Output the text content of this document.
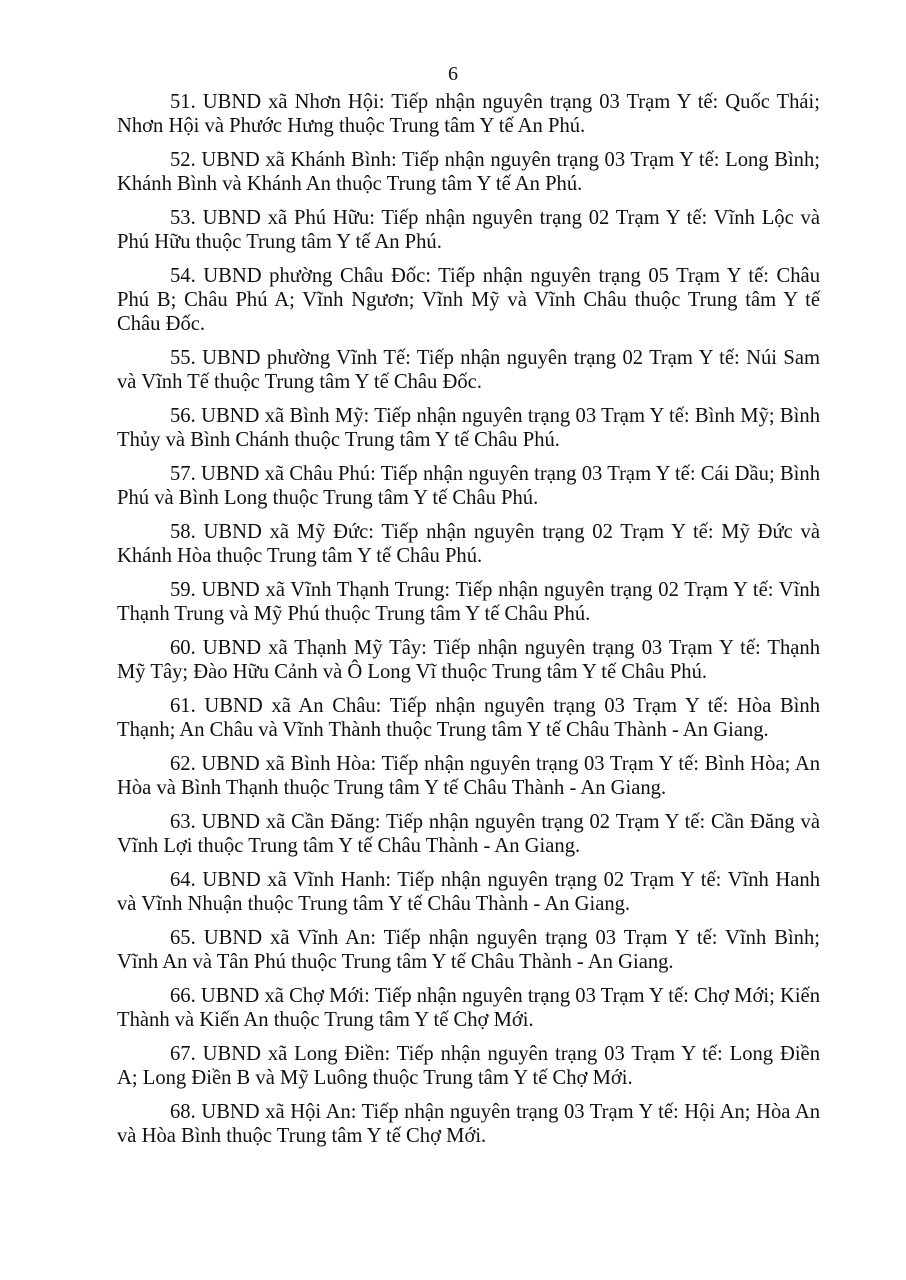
6

51. UBND xã Nhơn Hội: Tiếp nhận nguyên trạng 03 Trạm Y tế: Quốc Thái; Nhơn Hội và Phước Hưng thuộc Trung tâm Y tế An Phú.

52. UBND xã Khánh Bình: Tiếp nhận nguyên trạng 03 Trạm Y tế: Long Bình; Khánh Bình và Khánh An thuộc Trung tâm Y tế An Phú.

53. UBND xã Phú Hữu: Tiếp nhận nguyên trạng 02 Trạm Y tế: Vĩnh Lộc và Phú Hữu thuộc Trung tâm Y tế An Phú.

54. UBND phường Châu Đốc: Tiếp nhận nguyên trạng 05 Trạm Y tế: Châu Phú B; Châu Phú A; Vĩnh Ngươn; Vĩnh Mỹ và Vĩnh Châu thuộc Trung tâm Y tế Châu Đốc.

55. UBND phường Vĩnh Tế: Tiếp nhận nguyên trạng 02 Trạm Y tế: Núi Sam và Vĩnh Tế thuộc Trung tâm Y tế Châu Đốc.

56. UBND xã Bình Mỹ: Tiếp nhận nguyên trạng 03 Trạm Y tế: Bình Mỹ; Bình Thủy và Bình Chánh thuộc Trung tâm Y tế Châu Phú.

57. UBND xã Châu Phú: Tiếp nhận nguyên trạng 03 Trạm Y tế: Cái Dầu; Bình Phú và Bình Long thuộc Trung tâm Y tế Châu Phú.

58. UBND xã Mỹ Đức: Tiếp nhận nguyên trạng 02 Trạm Y tế: Mỹ Đức và Khánh Hòa thuộc Trung tâm Y tế Châu Phú.

59. UBND xã Vĩnh Thạnh Trung: Tiếp nhận nguyên trạng 02 Trạm Y tế: Vĩnh Thạnh Trung và Mỹ Phú thuộc Trung tâm Y tế Châu Phú.

60. UBND xã Thạnh Mỹ Tây: Tiếp nhận nguyên trạng 03 Trạm Y tế: Thạnh Mỹ Tây; Đào Hữu Cảnh và Ô Long Vĩ thuộc Trung tâm Y tế Châu Phú.

61. UBND xã An Châu: Tiếp nhận nguyên trạng 03 Trạm Y tế: Hòa Bình Thạnh; An Châu và Vĩnh Thành thuộc Trung tâm Y tế Châu Thành - An Giang.

62. UBND xã Bình Hòa: Tiếp nhận nguyên trạng 03 Trạm Y tế: Bình Hòa; An Hòa và Bình Thạnh thuộc Trung tâm Y tế Châu Thành - An Giang.

63. UBND xã Cần Đăng: Tiếp nhận nguyên trạng 02 Trạm Y tế: Cần Đăng và Vĩnh Lợi thuộc Trung tâm Y tế Châu Thành - An Giang.

64. UBND xã Vĩnh Hanh: Tiếp nhận nguyên trạng 02 Trạm Y tế: Vĩnh Hanh và Vĩnh Nhuận thuộc Trung tâm Y tế Châu Thành - An Giang.

65. UBND xã Vĩnh An: Tiếp nhận nguyên trạng 03 Trạm Y tế: Vĩnh Bình; Vĩnh An và Tân Phú thuộc Trung tâm Y tế Châu Thành - An Giang.

66. UBND xã Chợ Mới: Tiếp nhận nguyên trạng 03 Trạm Y tế: Chợ Mới; Kiến Thành và Kiến An thuộc Trung tâm Y tế Chợ Mới.

67. UBND xã Long Điền: Tiếp nhận nguyên trạng 03 Trạm Y tế: Long Điền A; Long Điền B và Mỹ Luông thuộc Trung tâm Y tế Chợ Mới.

68. UBND xã Hội An: Tiếp nhận nguyên trạng 03 Trạm Y tế: Hội An; Hòa An và Hòa Bình thuộc Trung tâm Y tế Chợ Mới.
